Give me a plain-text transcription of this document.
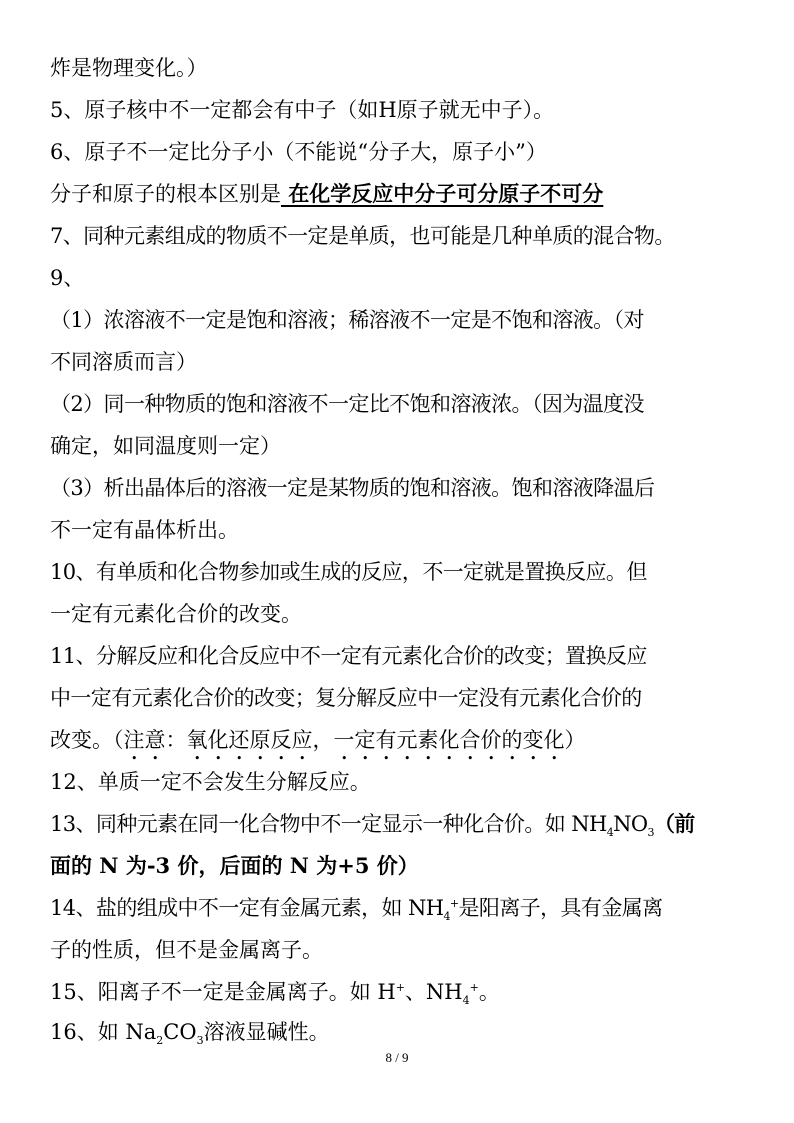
炸是物理变化。）
5、原子核中不一定都会有中子（如H原子就无中子）。
6、原子不一定比分子小（不能说“分子大，原子小”）
分子和原子的根本区别是 在化学反应中分子可分原子不可分
7、同种元素组成的物质不一定是单质，也可能是几种单质的混合物。
9、
（1）浓溶液不一定是饱和溶液；稀溶液不一定是不饱和溶液。（对
不同溶质而言）
（2）同一种物质的饱和溶液不一定比不饱和溶液浓。（因为温度没
确定，如同温度则一定）
（3）析出晶体后的溶液一定是某物质的饱和溶液。饱和溶液降温后
不一定有晶体析出。
10、有单质和化合物参加或生成的反应，不一定就是置换反应。但
一定有元素化合价的改变。
11、分解反应和化合反应中不一定有元素化合价的改变；置换反应
中一定有元素化合价的改变；复分解反应中一定没有元素化合价的
改变。（注意：氧化还原反应，一定有元素化合价的变化）
12、单质一定不会发生分解反应。
13、同种元素在同一化合物中不一定显示一种化合价。如 $NH_4NO_3$（前
面的 N 为-3 价，后面的 N 为+5 价）
14、盐的组成中不一定有金属元素，如 $NH_4^+$是阳离子，具有金属离
子的性质，但不是金属离子。
15、阳离子不一定是金属离子。如 H+、$NH_4^+$。
16、如 $Na_2CO_3$溶液显碱性。
8 / 9
